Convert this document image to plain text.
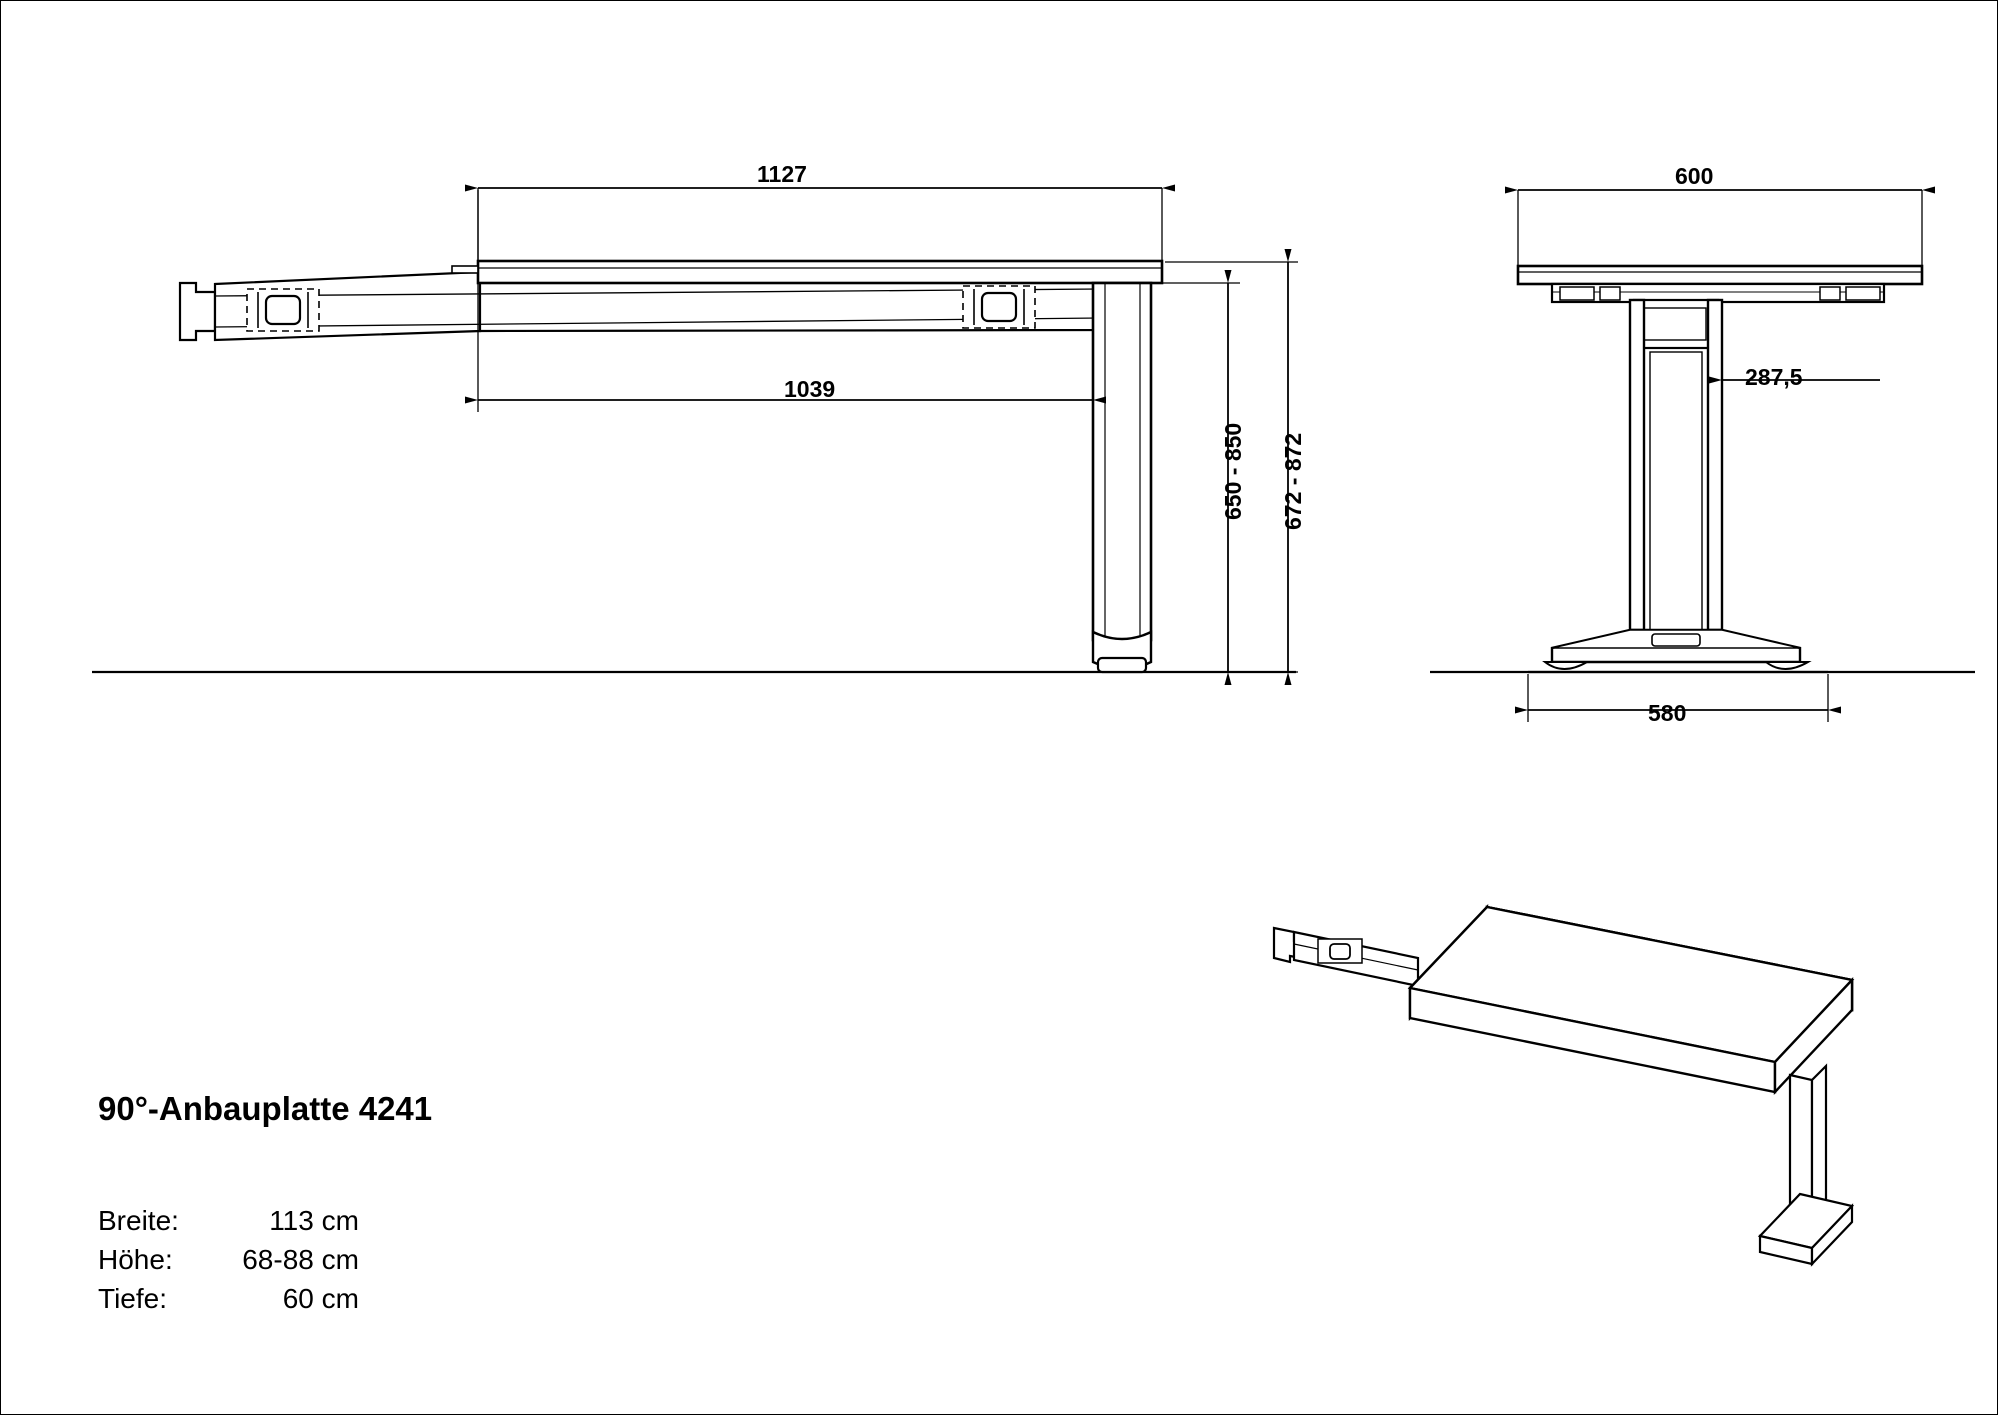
1127
1039
650 - 850 672 - 872
600
287,5
580
90°-Anbauplatte 4241
Breite:	113 cm
Höhe:	68-88 cm
Tiefe:	60 cm
